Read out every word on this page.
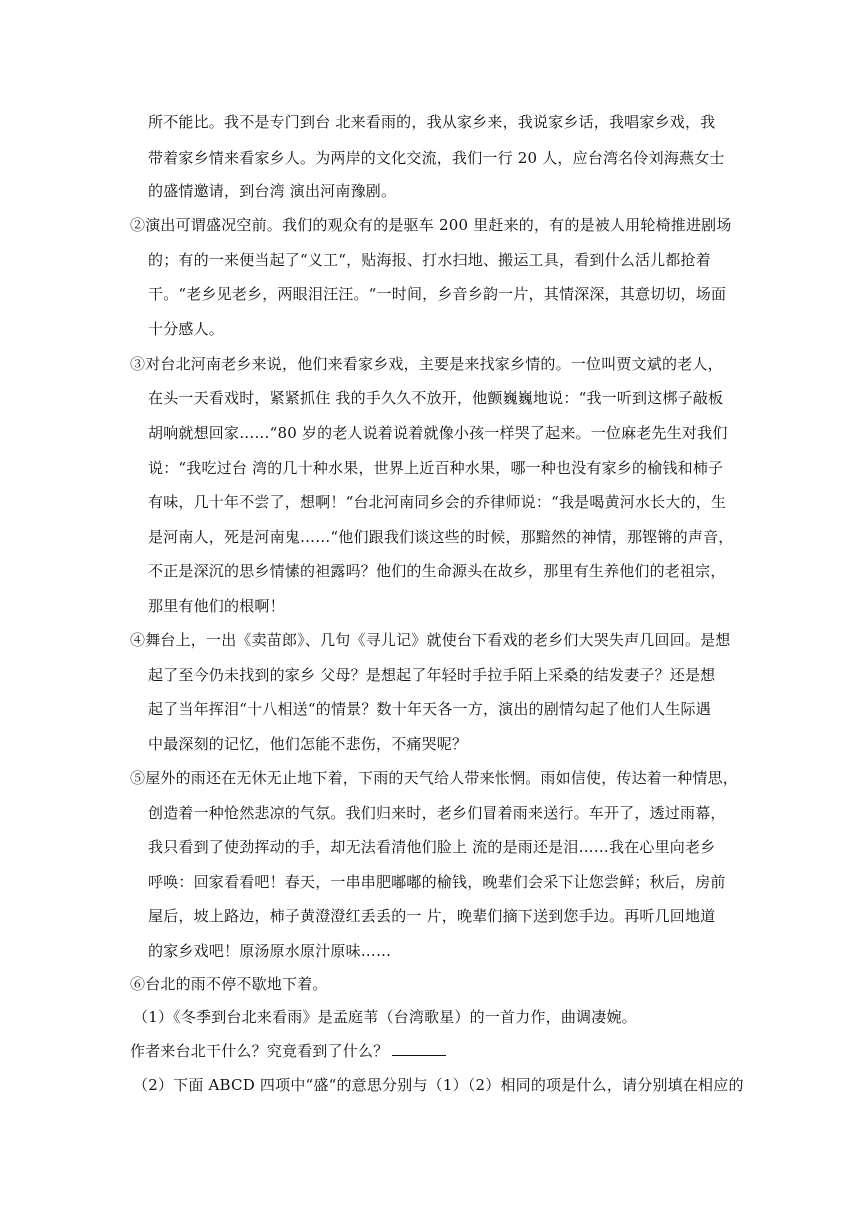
所不能比。我不是专门到台 北来看雨的，我从家乡来，我说家乡话，我唱家乡戏，我
带着家乡情来看家乡人。为两岸的文化交流，我们一行 20 人，应台湾名伶刘海燕女士
的盛情邀请，到台湾 演出河南豫剧。
②演出可谓盛况空前。我们的观众有的是驱车 200 里赶来的，有的是被人用轮椅推进剧场
的；有的一来便当起了“义工“，贴海报、打水扫地、搬运工具，看到什么活儿都抢着
干。“老乡见老乡，两眼泪汪汪。“一时间，乡音乡韵一片，其情深深，其意切切，场面
十分感人。
③对台北河南老乡来说，他们来看家乡戏，主要是来找家乡情的。一位叫贾文斌的老人，
在头一天看戏时，紧紧抓住 我的手久久不放开，他颤巍巍地说：“我一听到这梆子敲板
胡响就想回家……“80 岁的老人说着说着就像小孩一样哭了起来。一位麻老先生对我们
说：“我吃过台 湾的几十种水果，世界上近百种水果，哪一种也没有家乡的榆钱和柿子
有味，几十年不尝了，想啊！“台北河南同乡会的乔律师说：“我是喝黄河水长大的，生
是河南人，死是河南鬼……“他们跟我们谈这些的时候，那黯然的神情，那铿锵的声音，
不正是深沉的思乡情愫的袒露吗？他们的生命源头在故乡，那里有生养他们的老祖宗，
那里有他们的根啊！
④舞台上，一出《卖苗郎》、几句《寻儿记》就使台下看戏的老乡们大哭失声几回回。是想
起了至今仍未找到的家乡 父母？是想起了年轻时手拉手陌上采桑的结发妻子？还是想
起了当年挥泪“十八相送“的情景？数十年天各一方，演出的剧情勾起了他们人生际遇
中最深刻的记忆，他们怎能不悲伤，不痛哭呢？
⑤屋外的雨还在无休无止地下着，下雨的天气给人带来怅惘。雨如信使，传达着一种情思，
创造着一种怆然悲凉的气氛。我们归来时，老乡们冒着雨来送行。车开了，透过雨幕，
我只看到了使劲挥动的手，却无法看清他们脸上 流的是雨还是泪……我在心里向老乡
呼唤：回家看看吧！春天，一串串肥嘟嘟的榆钱，晚辈们会采下让您尝鲜；秋后，房前
屋后，坡上路边，柿子黄澄澄红丢丢的一 片，晚辈们摘下送到您手边。再听几回地道
的家乡戏吧！原汤原水原汁原味……
⑥台北的雨不停不歇地下着。
（1）《冬季到台北来看雨》是孟庭苇（台湾歌星）的一首力作，曲调凄婉。
作者来台北干什么？究竟看到了什么？
（2）下面 ABCD 四项中“盛“的意思分别与（1）（2）相同的项是什么，请分别填在相应的
